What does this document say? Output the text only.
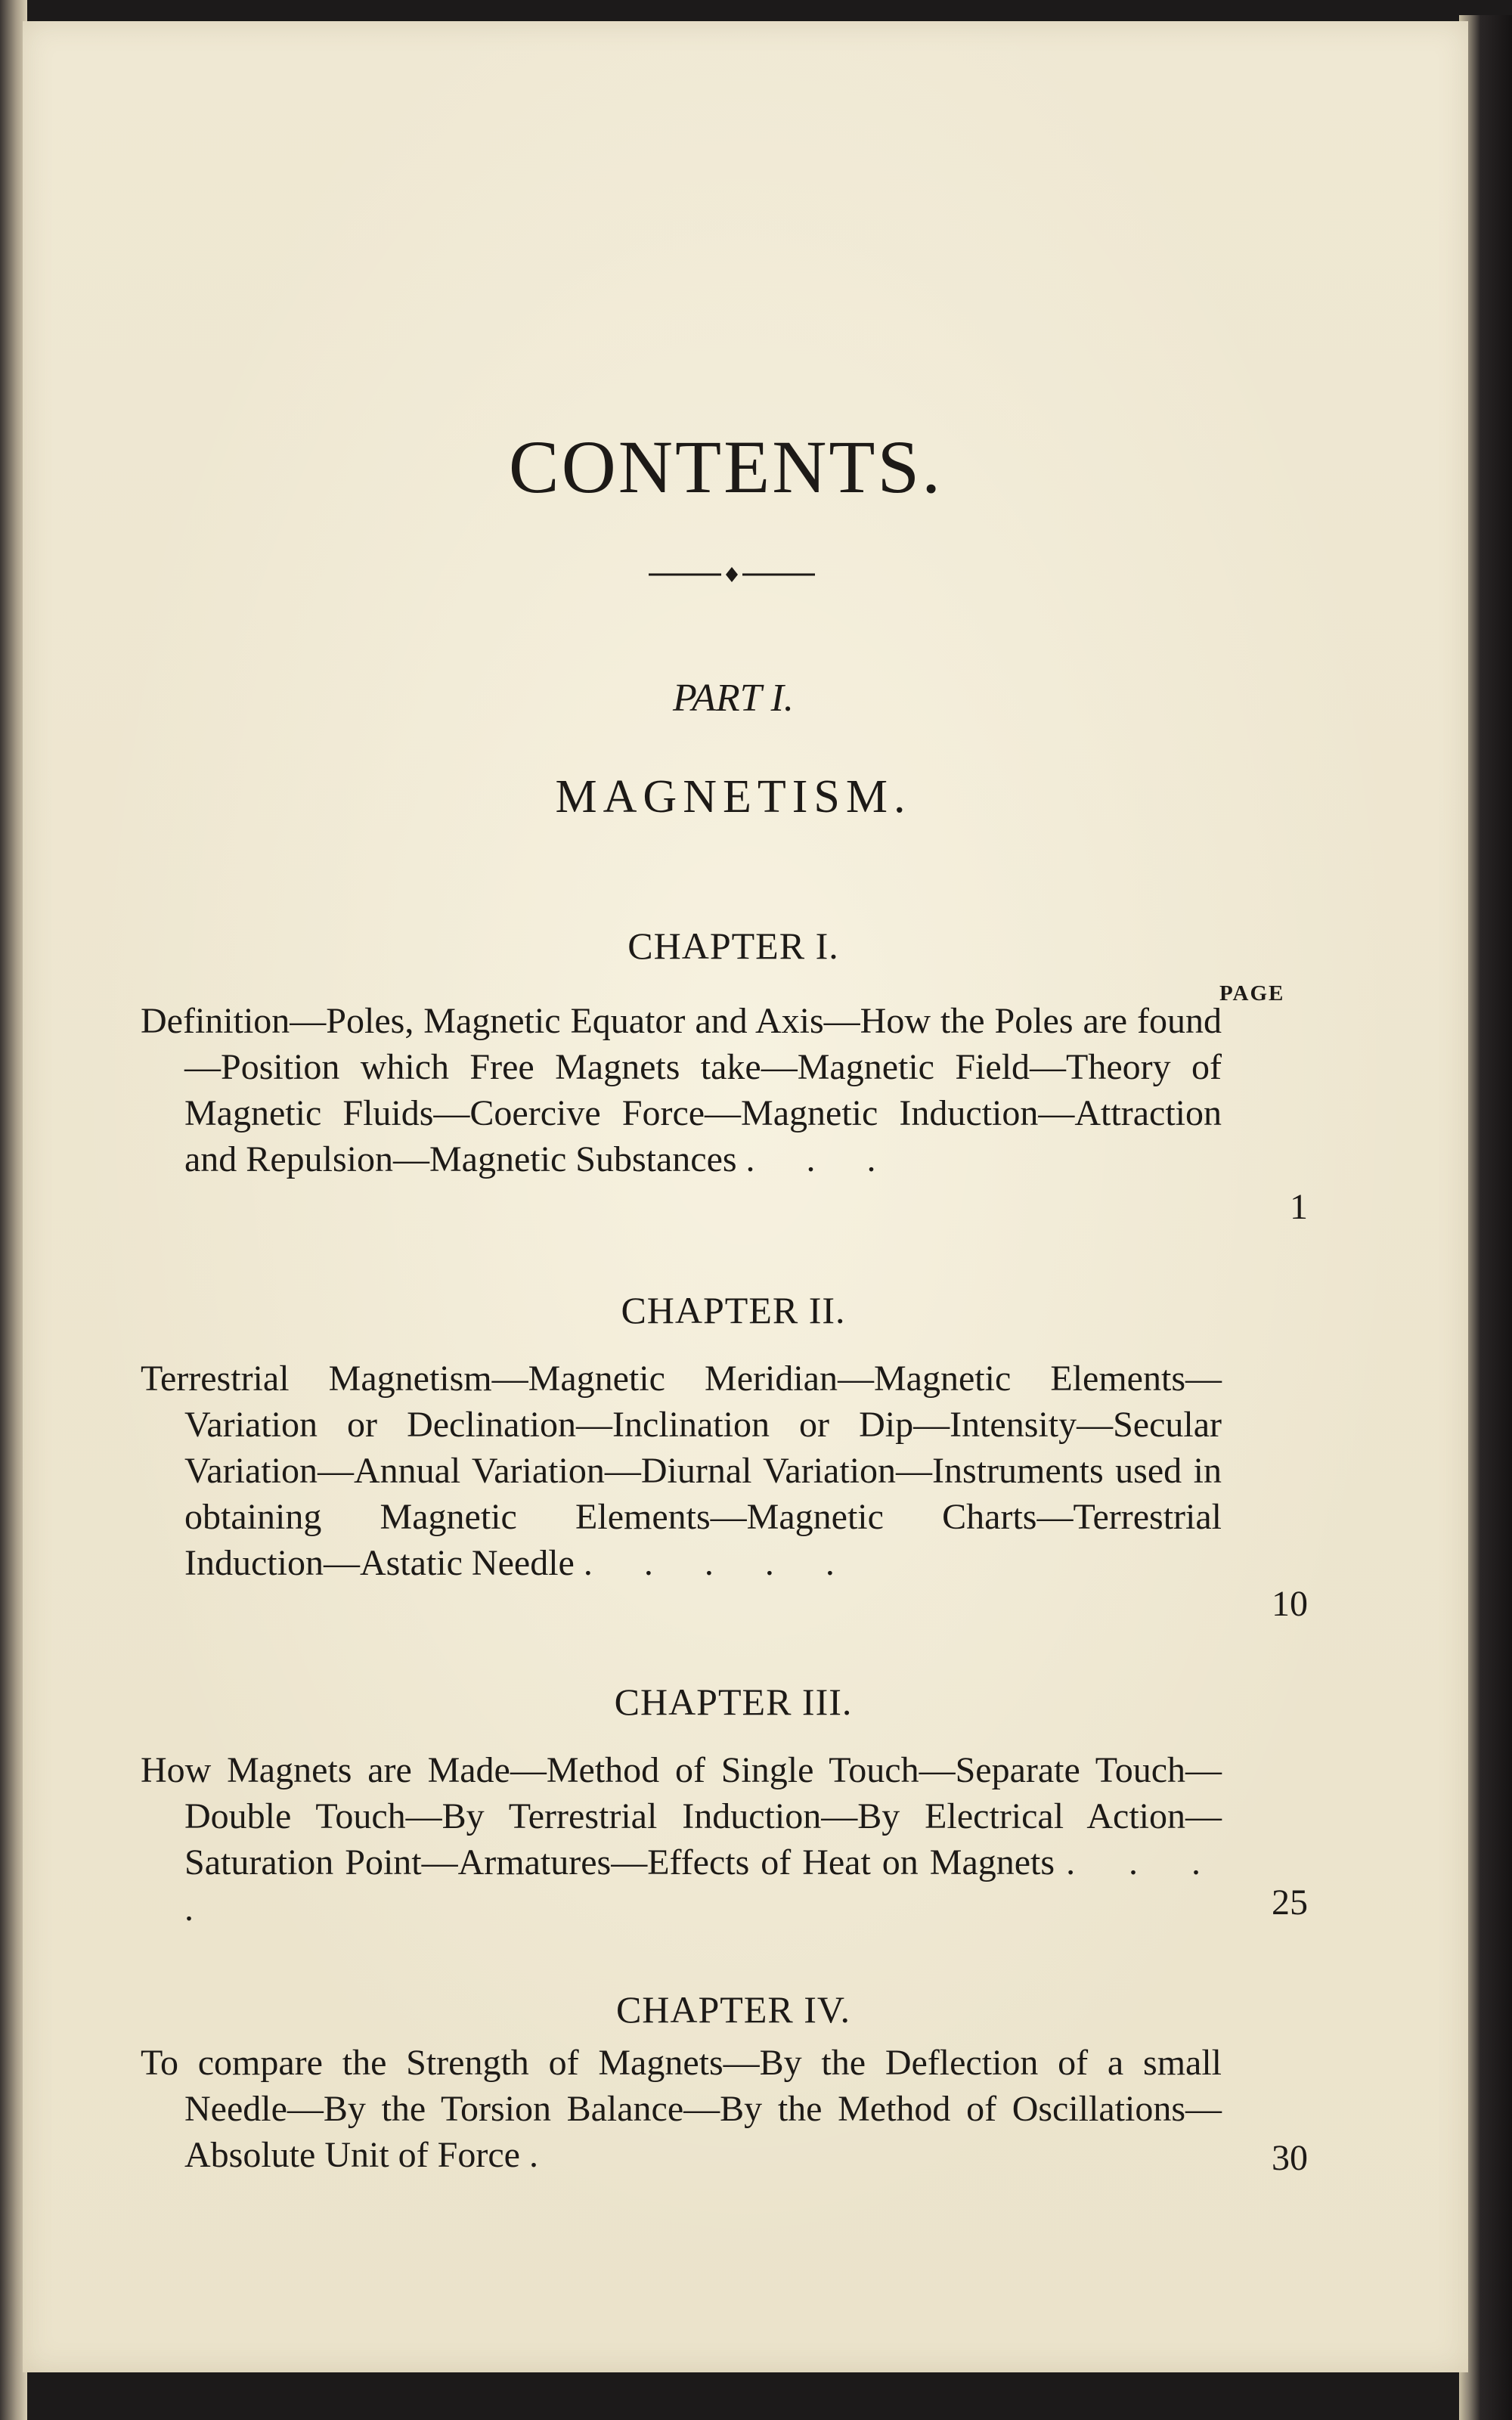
CONTENTS.
PART I.
MAGNETISM.
CHAPTER I.
PAGE
Definition—Poles, Magnetic Equator and Axis—How the Poles are found—Position which Free Magnets take—Magnetic Field—Theory of Magnetic Fluids—Coercive Force—Magnetic Induction—Attraction and Repulsion—Magnetic Substances . . .
1
CHAPTER II.
Terrestrial Magnetism—Magnetic Meridian—Magnetic Elements—Variation or Declination—Inclination or Dip—Intensity—Secular Variation—Annual Variation—Diurnal Variation—Instruments used in obtaining Magnetic Elements—Magnetic Charts—Terrestrial Induction—Astatic Needle . . . . .
10
CHAPTER III.
How Magnets are Made—Method of Single Touch—Separate Touch—Double Touch—By Terrestrial Induction—By Electrical Action—Saturation Point—Armatures—Effects of Heat on Magnets . . . .	25
CHAPTER IV.
To compare the Strength of Magnets—By the Deflection of a small Needle—By the Torsion Balance—By the Method of Oscillations—Absolute Unit of Force .	30
